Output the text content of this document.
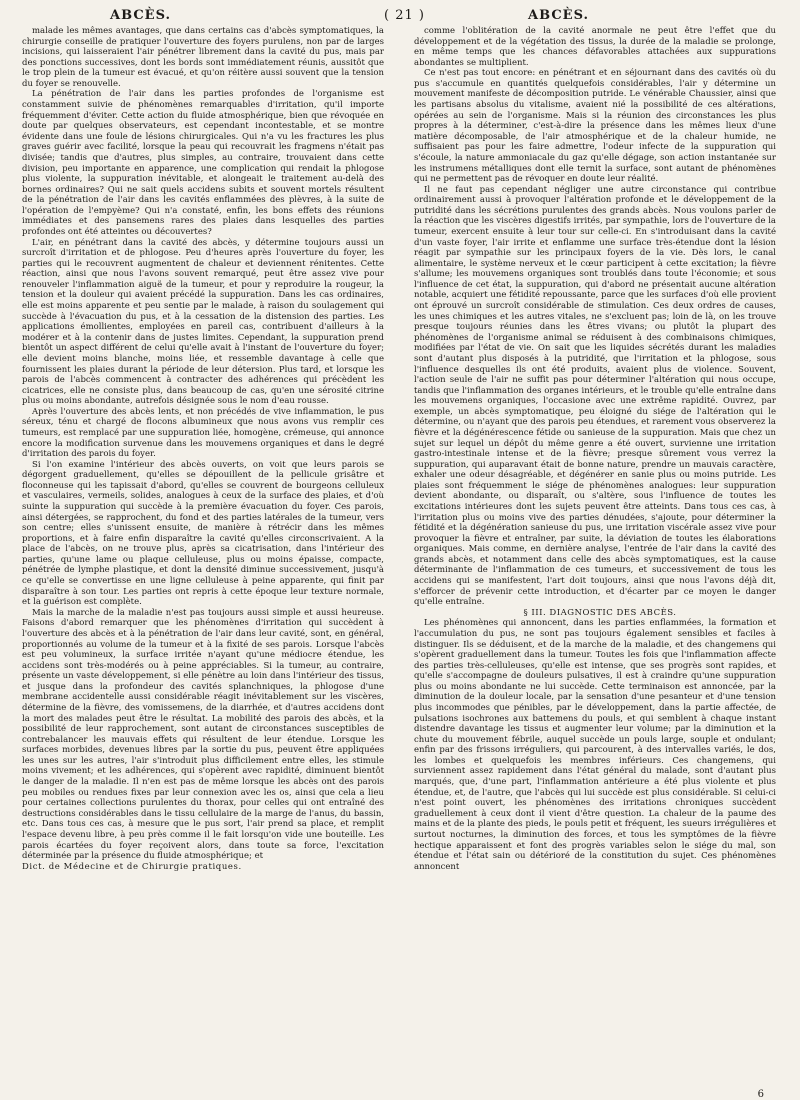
ABCÈS.	( 21 )	ABCÈS.

malade les mêmes avantages, que dans certains cas d'abcès symptomatiques, la chirurgie conseille de pratiquer l'ouverture des foyers purulens, non par de larges incisions, qui laisseraient l'air pénétrer librement dans la cavité du pus, mais par des ponctions successives, dont les bords sont immédiatement réunis, aussitôt que le trop plein de la tumeur est évacué, et qu'on réitère aussi souvent que la tension du foyer se renouvelle.

La pénétration de l'air dans les parties profondes de l'organisme est constamment suivie de phénomènes remarquables d'irritation, qu'il importe fréquemment d'éviter. Cette action du fluide atmosphérique, bien que révoquée en doute par quelques observateurs, est cependant incontestable, et se montre évidente dans une foule de lésions chirurgicales. Qui n'a vu les fractures les plus graves guérir avec facilité, lorsque la peau qui recouvrait les fragmens n'était pas divisée; tandis que d'autres, plus simples, au contraire, trouvaient dans cette division, peu importante en apparence, une complication qui rendait la phlogose plus violente, la suppuration inévitable, et alongeait le traitement au-delà des bornes ordinaires? Qui ne sait quels accidens subits et souvent mortels résultent de la pénétration de l'air dans les cavités enflammées des plèvres, à la suite de l'opération de l'empyème? Qui n'a constaté, enfin, les bons effets des réunions immédiates et des pansemens rares des plaies dans lesquelles des parties profondes ont été atteintes ou découvertes?

L'air, en pénétrant dans la cavité des abcès, y détermine toujours aussi un surcroît d'irritation et de phlogose. Peu d'heures après l'ouverture du foyer, les parties qui le recouvrent augmentent de chaleur et deviennent rénitentes. Cette réaction, ainsi que nous l'avons souvent remarqué, peut être assez vive pour renouveler l'inflammation aiguë de la tumeur, et pour y reproduire la rougeur, la tension et la douleur qui avaient précédé la suppuration. Dans les cas ordinaires, elle est moins apparente et peu sentie par le malade, à raison du soulagement qui succède à l'évacuation du pus, et à la cessation de la distension des parties. Les applications émollientes, employées en pareil cas, contribuent d'ailleurs à la modérer et à la contenir dans de justes limites. Cependant, la suppuration prend bientôt un aspect différent de celui qu'elle avait à l'instant de l'ouverture du foyer; elle devient moins blanche, moins liée, et ressemble davantage à celle que fournissent les plaies durant la période de leur détersion. Plus tard, et lorsque les parois de l'abcès commencent à contracter des adhérences qui précèdent les cicatrices, elle ne consiste plus, dans beaucoup de cas, qu'en une sérosité citrine plus ou moins abondante, autrefois désignée sous le nom d'eau rousse.

Après l'ouverture des abcès lents, et non précédés de vive inflammation, le pus séreux, ténu et chargé de flocons albumineux que nous avons vus remplir ces tumeurs, est remplacé par une suppuration liée, homogène, crémeuse, qui annonce encore la modification survenue dans les mouvemens organiques et dans le degré d'irritation des parois du foyer.

Si l'on examine l'intérieur des abcès ouverts, on voit que leurs parois se dégorgent graduellement, qu'elles se dépouillent de la pellicule grisâtre et floconneuse qui les tapissait d'abord, qu'elles se couvrent de bourgeons celluleux et vasculaires, vermeils, solides, analogues à ceux de la surface des plaies, et d'où suinte la suppuration qui succède à la première évacuation du foyer. Ces parois, ainsi détergées, se rapprochent, du fond et des parties latérales de la tumeur, vers son centre; elles s'unissent ensuite, de manière à rétrécir dans les mêmes proportions, et à faire enfin disparaître la cavité qu'elles circonscrivaient. A la place de l'abcès, on ne trouve plus, après sa cicatrisation, dans l'intérieur des parties, qu'une lame ou plaque celluleuse, plus ou moins épaisse, compacte, pénétrée de lymphe plastique, et dont la densité diminue successivement, jusqu'à ce qu'elle se convertisse en une ligne celluleuse à peine apparente, qui finit par disparaître à son tour. Les parties ont repris à cette époque leur texture normale, et la guérison est complète.

Mais la marche de la maladie n'est pas toujours aussi simple et aussi heureuse. Faisons d'abord remarquer que les phénomènes d'irritation qui succèdent à l'ouverture des abcès et à la pénétration de l'air dans leur cavité, sont, en général, proportionnés au volume de la tumeur et à la fixité de ses parois. Lorsque l'abcès est peu volumineux, la surface irritée n'ayant qu'une médiocre étendue, les accidens sont très-modérés ou à peine appréciables. Si la tumeur, au contraire, présente un vaste développement, si elle pénètre au loin dans l'intérieur des tissus, et jusque dans la profondeur des cavités splanchniques, la phlogose d'une membrane accidentelle aussi considérable réagit inévitablement sur les viscères, détermine de la fièvre, des vomissemens, de la diarrhée, et d'autres accidens dont la mort des malades peut être le résultat. La mobilité des parois des abcès, et la possibilité de leur rapprochement, sont autant de circonstances susceptibles de contrebalancer les mauvais effets qui résultent de leur étendue. Lorsque les surfaces morbides, devenues libres par la sortie du pus, peuvent être appliquées les unes sur les autres, l'air s'introduit plus difficilement entre elles, les stimule moins vivement; et les adhérences, qui s'opèrent avec rapidité, diminuent bientôt le danger de la maladie. Il n'en est pas de même lorsque les abcès ont des parois peu mobiles ou rendues fixes par leur connexion avec les os, ainsi que cela a lieu pour certaines collections purulentes du thorax, pour celles qui ont entraîné des destructions considérables dans le tissu cellulaire de la marge de l'anus, du bassin, etc. Dans tous ces cas, à mesure que le pus sort, l'air prend sa place, et remplit l'espace devenu libre, à peu près comme il le fait lorsqu'on vide une bouteille. Les parois écartées du foyer reçoivent alors, dans toute sa force, l'excitation déterminée par la présence du fluide atmosphérique; et

Dict. de Médecine et de Chirurgie pratiques.

comme l'oblitération de la cavité anormale ne peut être l'effet que du développement et de la végétation des tissus, la durée de la maladie se prolonge, en même temps que les chances défavorables attachées aux suppurations abondantes se multiplient.

Ce n'est pas tout encore: en pénétrant et en séjournant dans des cavités où du pus s'accumule en quantités quelquefois considérables, l'air y détermine un mouvement manifeste de décomposition putride. Le vénérable Chaussier, ainsi que les partisans absolus du vitalisme, avaient nié la possibilité de ces altérations, opérées au sein de l'organisme. Mais si la réunion des circonstances les plus propres à la déterminer, c'est-à-dire la présence dans les mêmes lieux d'une matière décomposable, de l'air atmosphérique et de la chaleur humide, ne suffisaient pas pour les faire admettre, l'odeur infecte de la suppuration qui s'écoule, la nature ammoniacale du gaz qu'elle dégage, son action instantanée sur les instrumens métalliques dont elle ternit la surface, sont autant de phénomènes qui ne permettent pas de révoquer en doute leur réalité.

Il ne faut pas cependant négliger une autre circonstance qui contribue ordinairement aussi à provoquer l'altération profonde et le développement de la putridité dans les sécrétions purulentes des grands abcès. Nous voulons parler de la réaction que les viscères digestifs irrités, par sympathie, lors de l'ouverture de la tumeur, exercent ensuite à leur tour sur celle-ci. En s'introduisant dans la cavité d'un vaste foyer, l'air irrite et enflamme une surface très-étendue dont la lésion réagit par sympathie sur les principaux foyers de la vie. Dès lors, le canal alimentaire, le système nerveux et le cœur participent à cette excitation; la fièvre s'allume; les mouvemens organiques sont troublés dans toute l'économie; et sous l'influence de cet état, la suppuration, qui d'abord ne présentait aucune altération notable, acquiert une fétidité repoussante, parce que les surfaces d'où elle provient ont éprouvé un surcroît considérable de stimulation. Ces deux ordres de causes, les unes chimiques et les autres vitales, ne s'excluent pas; loin de là, on les trouve presque toujours réunies dans les êtres vivans; ou plutôt la plupart des phénomènes de l'organisme animal se réduisent à des combinaisons chimiques, modifiées par l'état de vie. On sait que les liquides sécrétés durant les maladies sont d'autant plus disposés à la putridité, que l'irritation et la phlogose, sous l'influence desquelles ils ont été produits, avaient plus de violence. Souvent, l'action seule de l'air ne suffit pas pour déterminer l'altération qui nous occupe, tandis que l'inflammation des organes intérieurs, et le trouble qu'elle entraîne dans les mouvemens organiques, l'occasione avec une extrême rapidité. Ouvrez, par exemple, un abcès symptomatique, peu éloigné du siége de l'altération qui le détermine, ou n'ayant que des parois peu étendues, et rarement vous observerez la fièvre et la dégénérescence fétide ou sanieuse de la suppuration. Mais que chez un sujet sur lequel un dépôt du même genre a été ouvert, survienne une irritation gastro-intestinale intense et de la fièvre; presque sûrement vous verrez la suppuration, qui auparavant était de bonne nature, prendre un mauvais caractère, exhaler une odeur désagréable, et dégénérer en sanie plus ou moins putride. Les plaies sont fréquemment le siége de phénomènes analogues: leur suppuration devient abondante, ou disparaît, ou s'altère, sous l'influence de toutes les excitations intérieures dont les sujets peuvent être atteints. Dans tous ces cas, à l'irritation plus ou moins vive des parties dénudées, s'ajoute, pour déterminer la fétidité et la dégénération sanieuse du pus, une irritation viscérale assez vive pour provoquer la fièvre et entraîner, par suite, la déviation de toutes les élaborations organiques. Mais comme, en dernière analyse, l'entrée de l'air dans la cavité des grands abcès, et notamment dans celle des abcès symptomatiques, est la cause déterminante de l'inflammation de ces tumeurs, et successivement de tous les accidens qui se manifestent, l'art doit toujours, ainsi que nous l'avons déjà dit, s'efforcer de prévenir cette introduction, et d'écarter par ce moyen le danger qu'elle entraîne.

§ III. DIAGNOSTIC DES ABCÈS.

Les phénomènes qui annoncent, dans les parties enflammées, la formation et l'accumulation du pus, ne sont pas toujours également sensibles et faciles à distinguer. Ils se déduisent, et de la marche de la maladie, et des changemens qui s'opèrent graduellement dans la tumeur. Toutes les fois que l'inflammation affecte des parties très-celluleuses, qu'elle est intense, que ses progrès sont rapides, et qu'elle s'accompagne de douleurs pulsatives, il est à craindre qu'une suppuration plus ou moins abondante ne lui succède. Cette terminaison est annoncée, par la diminution de la douleur locale, par la sensation d'une pesanteur et d'une tension plus incommodes que pénibles, par le développement, dans la partie affectée, de pulsations isochrones aux battemens du pouls, et qui semblent à chaque instant distendre davantage les tissus et augmenter leur volume; par la diminution et la chute du mouvement fébrile, auquel succède un pouls large, souple et ondulant; enfin par des frissons irréguliers, qui parcourent, à des intervalles variés, le dos, les lombes et quelquefois les membres inférieurs. Ces changemens, qui surviennent assez rapidement dans l'état général du malade, sont d'autant plus marqués, que, d'une part, l'inflammation antérieure a été plus violente et plus étendue, et, de l'autre, que l'abcès qui lui succède est plus considérable. Si celui-ci n'est point ouvert, les phénomènes des irritations chroniques succèdent graduellement à ceux dont il vient d'être question. La chaleur de la paume des mains et de la plante des pieds, le pouls petit et fréquent, les sueurs irrégulières et surtout nocturnes, la diminution des forces, et tous les symptômes de la fièvre hectique apparaissent et font des progrès variables selon le siége du mal, son étendue et l'état sain ou détérioré de la constitution du sujet. Ces phénomènes annoncent

6
